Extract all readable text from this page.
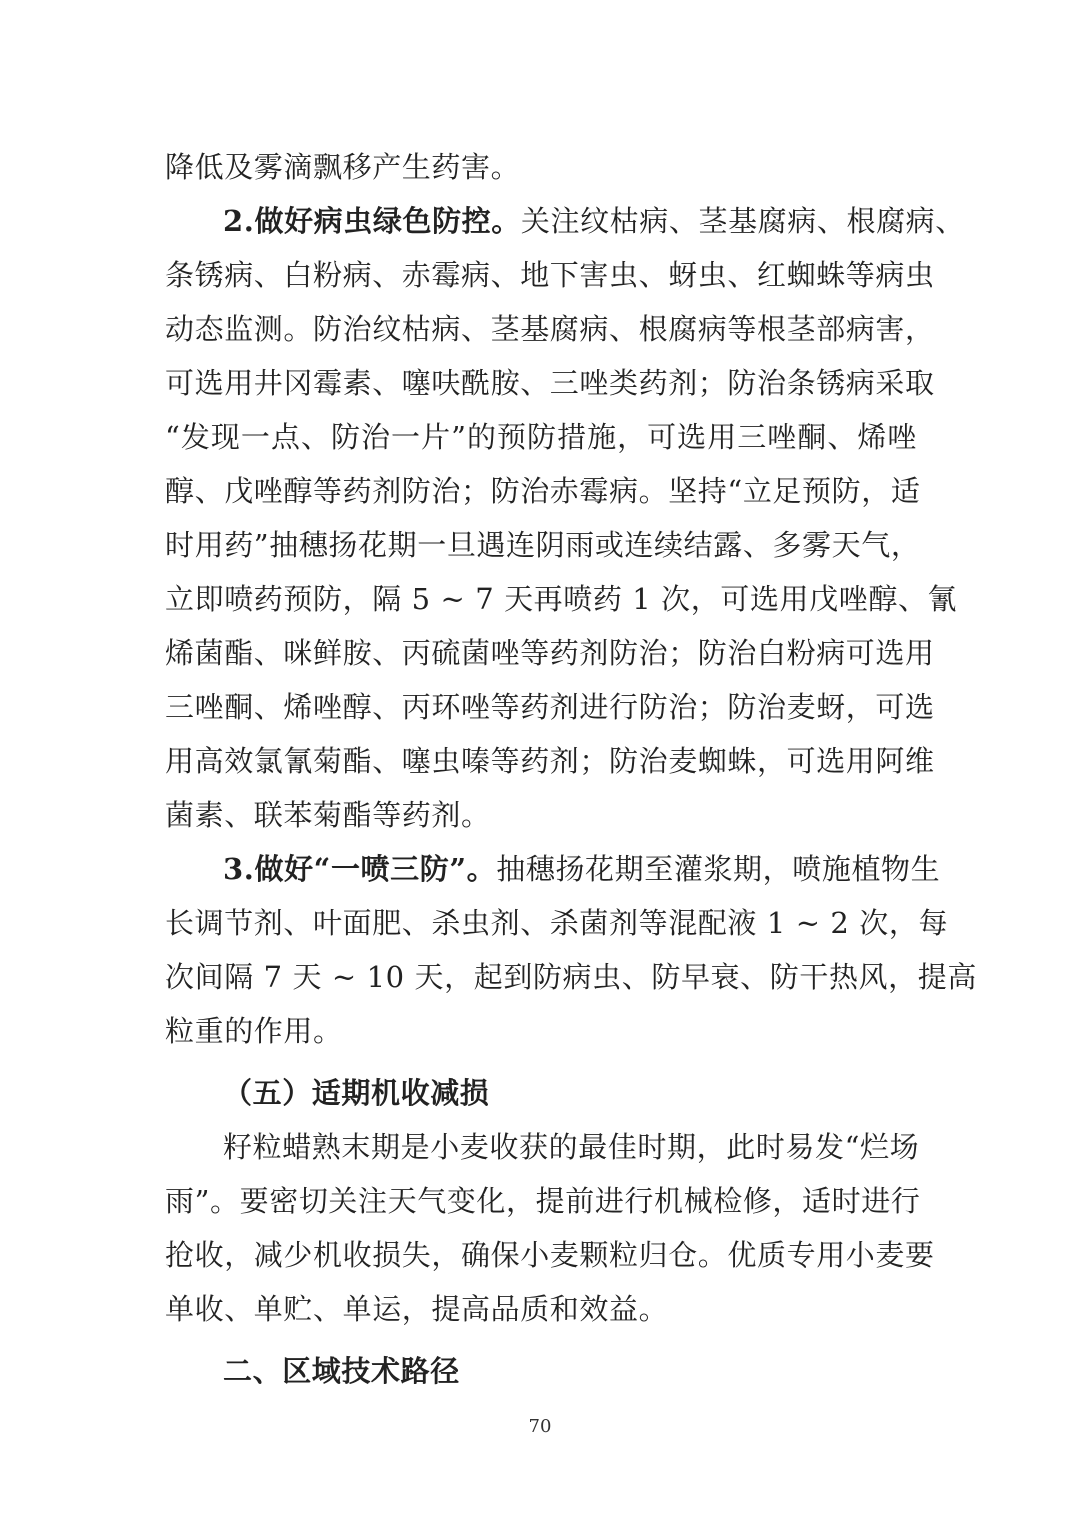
降低及雾滴飘移产生药害。
2.做好病虫绿色防控。关注纹枯病、茎基腐病、根腐病、
条锈病、白粉病、赤霉病、地下害虫、蚜虫、红蜘蛛等病虫
动态监测。防治纹枯病、茎基腐病、根腐病等根茎部病害，
可选用井冈霉素、噻呋酰胺、三唑类药剂；防治条锈病采取
“发现一点、防治一片”的预防措施，可选用三唑酮、烯唑
醇、戊唑醇等药剂防治；防治赤霉病。坚持“立足预防，适
时用药”抽穗扬花期一旦遇连阴雨或连续结露、多雾天气，
立即喷药预防，隔 5 ~ 7 天再喷药 1 次，可选用戊唑醇、氰
烯菌酯、咪鲜胺、丙硫菌唑等药剂防治；防治白粉病可选用
三唑酮、烯唑醇、丙环唑等药剂进行防治；防治麦蚜，可选
用高效氯氰菊酯、噻虫嗪等药剂；防治麦蜘蛛，可选用阿维
菌素、联苯菊酯等药剂。
3.做好“一喷三防”。抽穗扬花期至灌浆期，喷施植物生
长调节剂、叶面肥、杀虫剂、杀菌剂等混配液 1 ~ 2 次，每
次间隔 7 天 ~ 10 天，起到防病虫、防早衰、防干热风，提高
粒重的作用。
（五）适期机收减损
籽粒蜡熟末期是小麦收获的最佳时期，此时易发“烂场
雨”。要密切关注天气变化，提前进行机械检修，适时进行
抢收，减少机收损失，确保小麦颗粒归仓。优质专用小麦要
单收、单贮、单运，提高品质和效益。
二、区域技术路径
70
